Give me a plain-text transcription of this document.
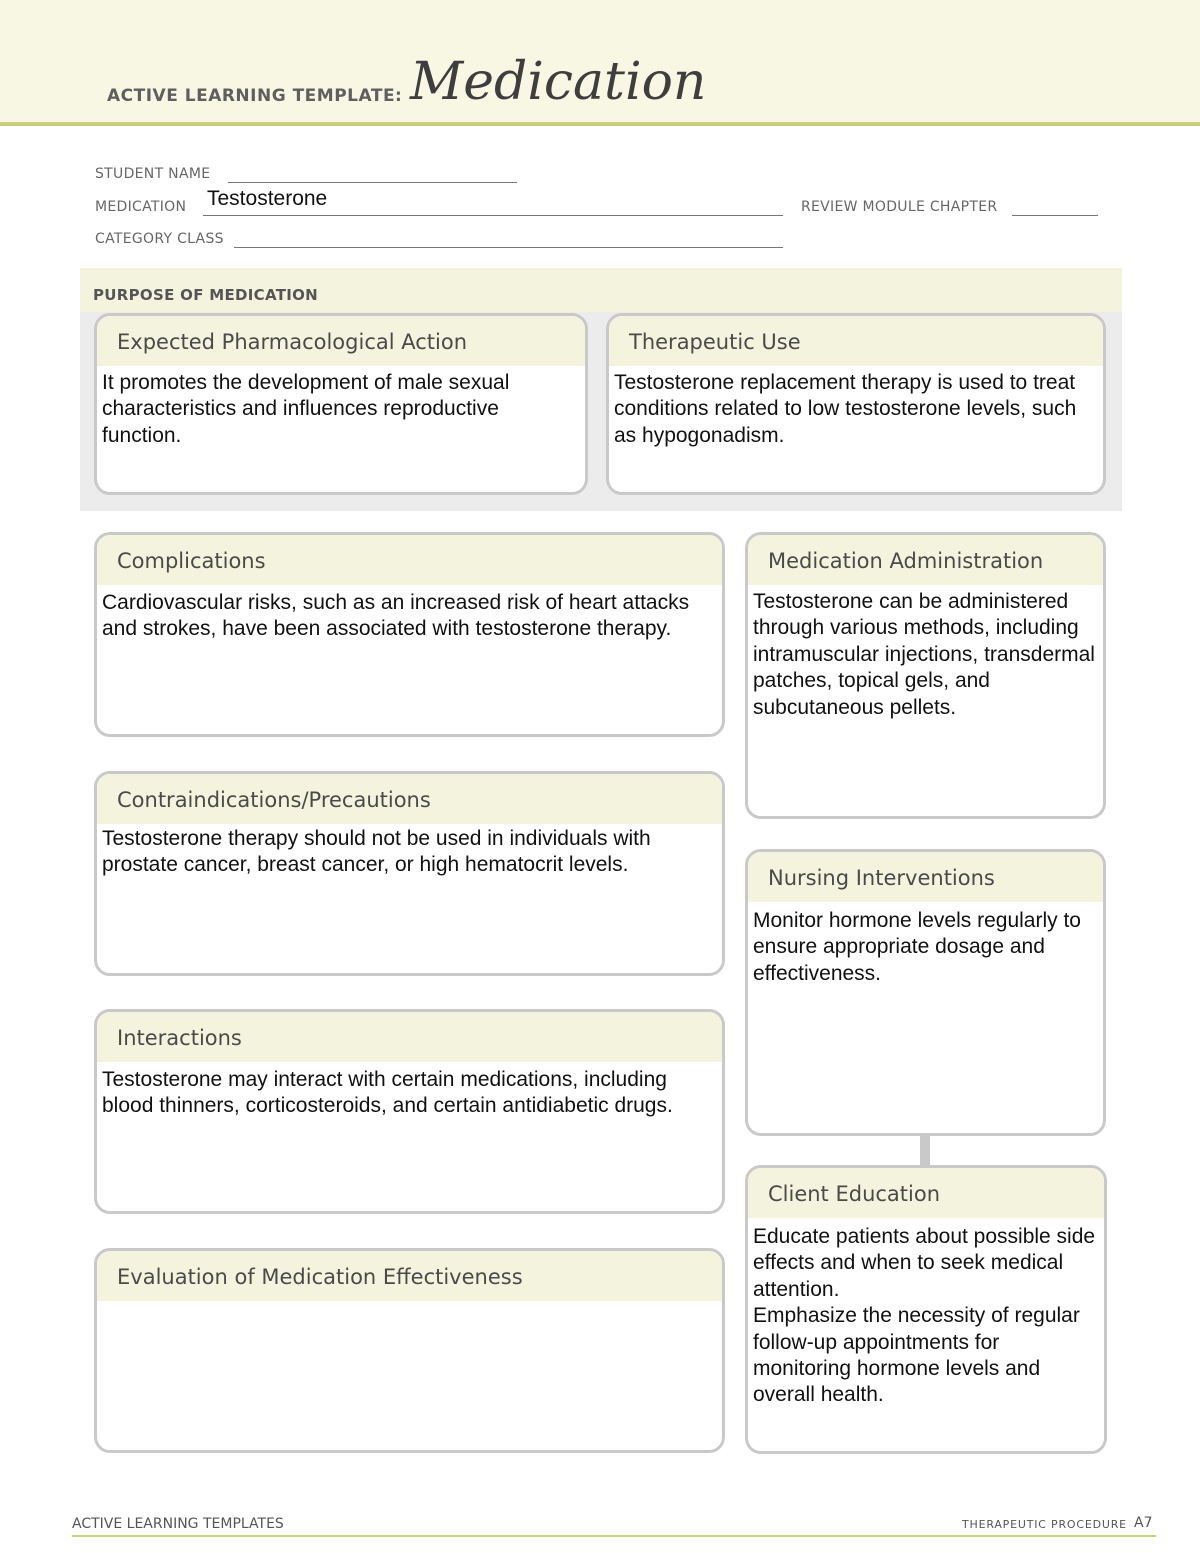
ACTIVE LEARNING TEMPLATE: Medication
STUDENT NAME
MEDICATION Testosterone	REVIEW MODULE CHAPTER
CATEGORY CLASS
PURPOSE OF MEDICATION
Expected Pharmacological Action
It promotes the development of male sexual characteristics and influences reproductive function.
Therapeutic Use
Testosterone replacement therapy is used to treat conditions related to low testosterone levels, such as hypogonadism.
Complications
Cardiovascular risks, such as an increased risk of heart attacks and strokes, have been associated with testosterone therapy.
Contraindications/Precautions
Testosterone therapy should not be used in individuals with prostate cancer, breast cancer, or high hematocrit levels.
Interactions
Testosterone may interact with certain medications, including blood thinners, corticosteroids, and certain antidiabetic drugs.
Evaluation of Medication Effectiveness
Medication Administration
Testosterone can be administered through various methods, including intramuscular injections, transdermal patches, topical gels, and subcutaneous pellets.
Nursing Interventions
Monitor hormone levels regularly to ensure appropriate dosage and effectiveness.
Client Education
Educate patients about possible side effects and when to seek medical attention.
Emphasize the necessity of regular follow-up appointments for monitoring hormone levels and overall health.
ACTIVE LEARNING TEMPLATES	THERAPEUTIC PROCEDURE A7
